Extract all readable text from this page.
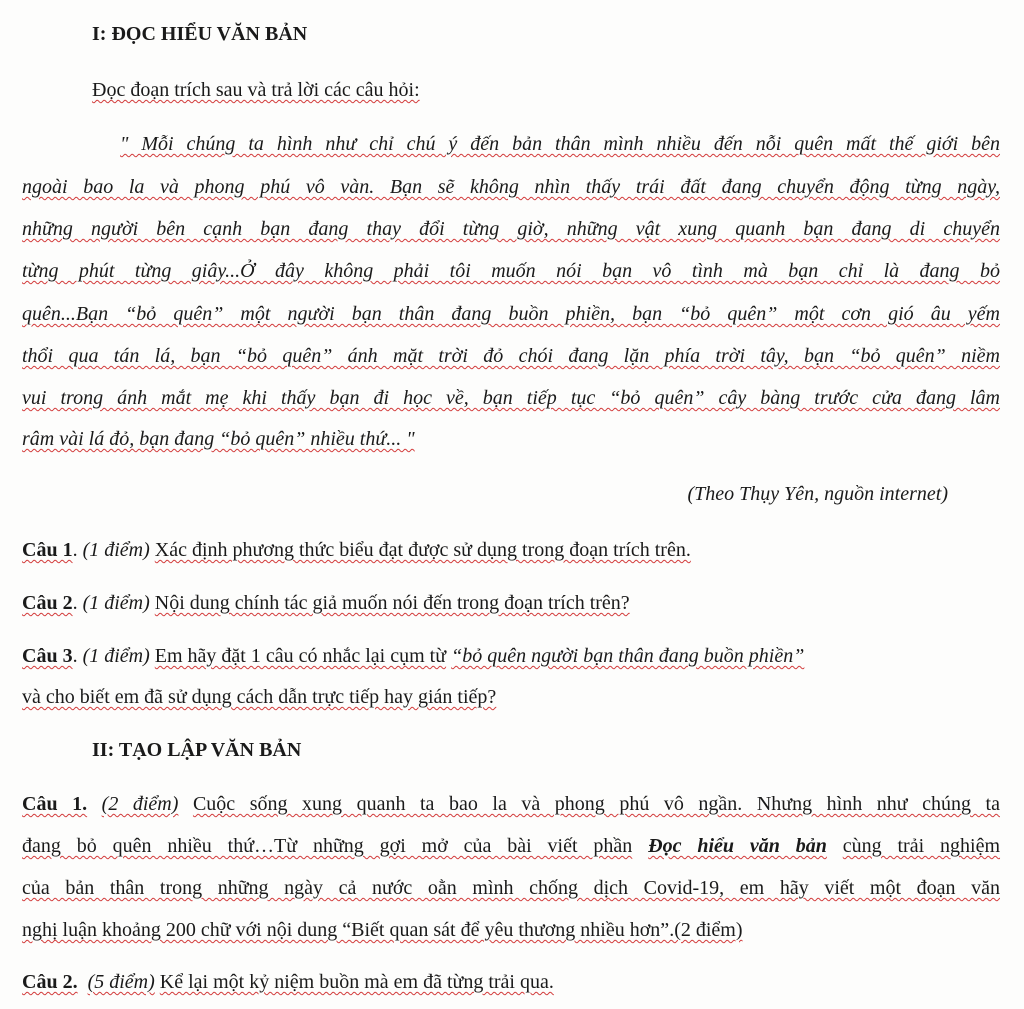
I: ĐỌC HIỂU VĂN BẢN
Đọc đoạn trích sau và trả lời các câu hỏi:
" Mỗi chúng ta hình như chỉ chú ý đến bản thân mình nhiều đến nỗi quên mất thế giới bên
ngoài bao la và phong phú vô vàn. Bạn sẽ không nhìn thấy trái đất đang chuyển động từng ngày,
những người bên cạnh bạn đang thay đổi từng giờ, những vật xung quanh bạn đang di chuyển
từng phút từng giây...Ở đây không phải tôi muốn nói bạn vô tình mà bạn chỉ là đang bỏ
quên...Bạn “bỏ quên” một người bạn thân đang buồn phiền, bạn “bỏ quên” một cơn gió âu yếm
thổi qua tán lá, bạn “bỏ quên” ánh mặt trời đỏ chói đang lặn phía trời tây, bạn “bỏ quên” niềm
vui trong ánh mắt mẹ khi thấy bạn đi học về, bạn tiếp tục “bỏ quên” cây bàng trước cửa đang lâm
râm vài lá đỏ, bạn đang “bỏ quên” nhiều thứ... "
(Theo Thụy Yên, nguồn internet)
Câu 1. (1 điểm) Xác định phương thức biểu đạt được sử dụng trong đoạn trích trên.
Câu 2. (1 điểm) Nội dung chính tác giả muốn nói đến trong đoạn trích trên?
Câu 3. (1 điểm) Em hãy đặt 1 câu có nhắc lại cụm từ “bỏ quên người bạn thân đang buồn phiền”
và cho biết em đã sử dụng cách dẫn trực tiếp hay gián tiếp?
II: TẠO LẬP VĂN BẢN
Câu 1. (2 điểm) Cuộc sống xung quanh ta bao la và phong phú vô ngần. Nhưng hình như chúng ta
đang bỏ quên nhiều thứ…Từ những gợi mở của bài viết phần Đọc hiểu văn bản cùng trải nghiệm
của bản thân trong những ngày cả nước oằn mình chống dịch Covid-19, em hãy viết một đoạn văn
nghị luận khoảng 200 chữ với nội dung “Biết quan sát để yêu thương nhiều hơn”.(2 điểm)
Câu 2. (5 điểm) Kể lại một kỷ niệm buồn mà em đã từng trải qua.
